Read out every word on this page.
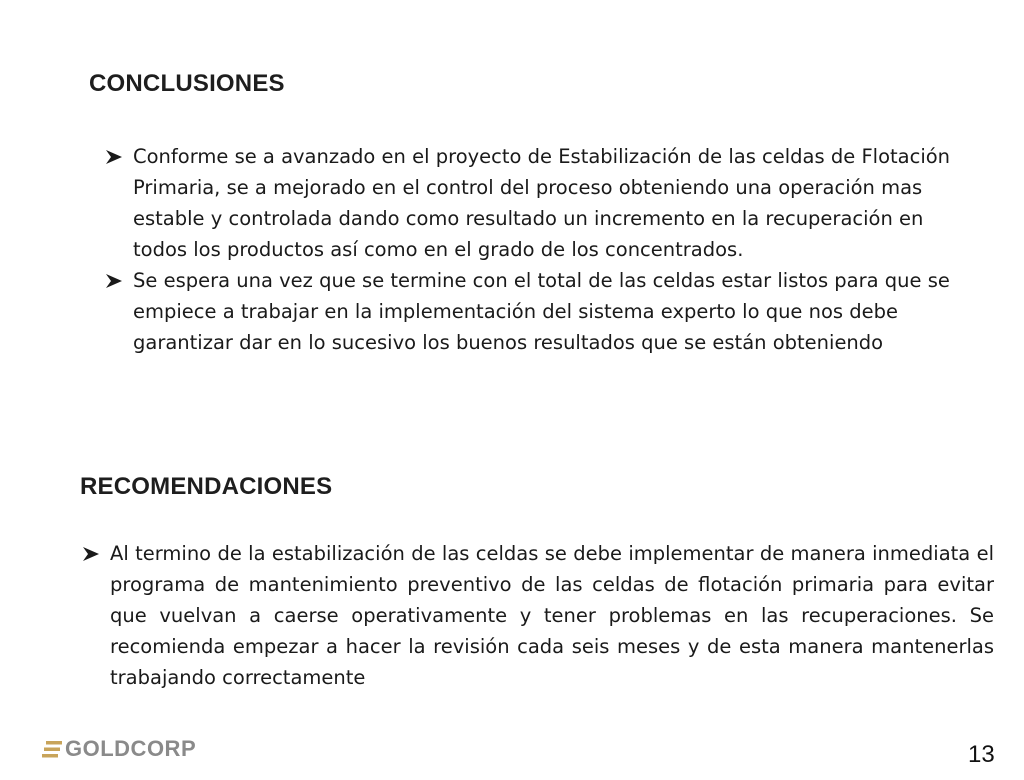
CONCLUSIONES
Conforme se a avanzado en el proyecto de Estabilización de las celdas de Flotación Primaria, se a mejorado en el control del proceso obteniendo una operación mas estable y controlada dando como resultado un incremento en la recuperación en todos los productos así como en el grado de los concentrados.
Se espera una vez que se termine con el total de las celdas estar listos para que se empiece a trabajar en la implementación del sistema experto lo que nos debe garantizar dar en lo sucesivo los buenos resultados que se están obteniendo
RECOMENDACIONES
Al termino de la estabilización de las celdas se debe implementar de manera inmediata el programa de mantenimiento preventivo de las celdas de flotación primaria para evitar que vuelvan a caerse operativamente y tener problemas en las recuperaciones. Se recomienda empezar a hacer la revisión cada seis meses y de esta manera mantenerlas trabajando correctamente
GOLDCORP	13
